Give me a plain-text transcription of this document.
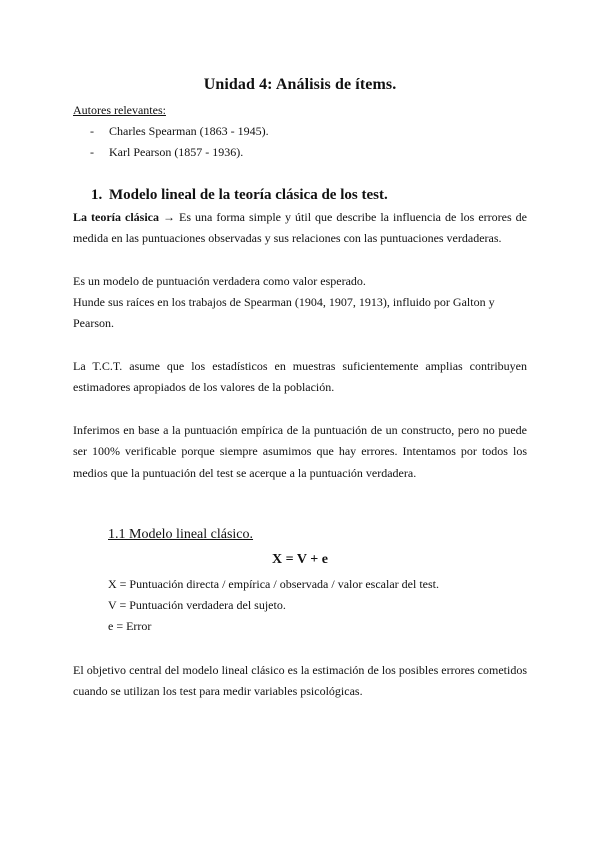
Unidad 4: Análisis de ítems.
Autores relevantes:
- Charles Spearman (1863 - 1945).
- Karl Pearson (1857 - 1936).
1. Modelo lineal de la teoría clásica de los test.
La teoría clásica → Es una forma simple y útil que describe la influencia de los errores de medida en las puntuaciones observadas y sus relaciones con las puntuaciones verdaderas.
Es un modelo de puntuación verdadera como valor esperado.
Hunde sus raíces en los trabajos de Spearman (1904, 1907, 1913), influido por Galton y Pearson.
La T.C.T. asume que los estadísticos en muestras suficientemente amplias contribuyen estimadores apropiados de los valores de la población.
Inferimos en base a la puntuación empírica de la puntuación de un constructo, pero no puede ser 100% verificable porque siempre asumimos que hay errores. Intentamos por todos los medios que la puntuación del test se acerque a la puntuación verdadera.
1.1 Modelo lineal clásico.
X = V + e
X = Puntuación directa / empírica / observada / valor escalar del test.
V = Puntuación verdadera del sujeto.
e = Error
El objetivo central del modelo lineal clásico es la estimación de los posibles errores cometidos cuando se utilizan los test para medir variables psicológicas.
